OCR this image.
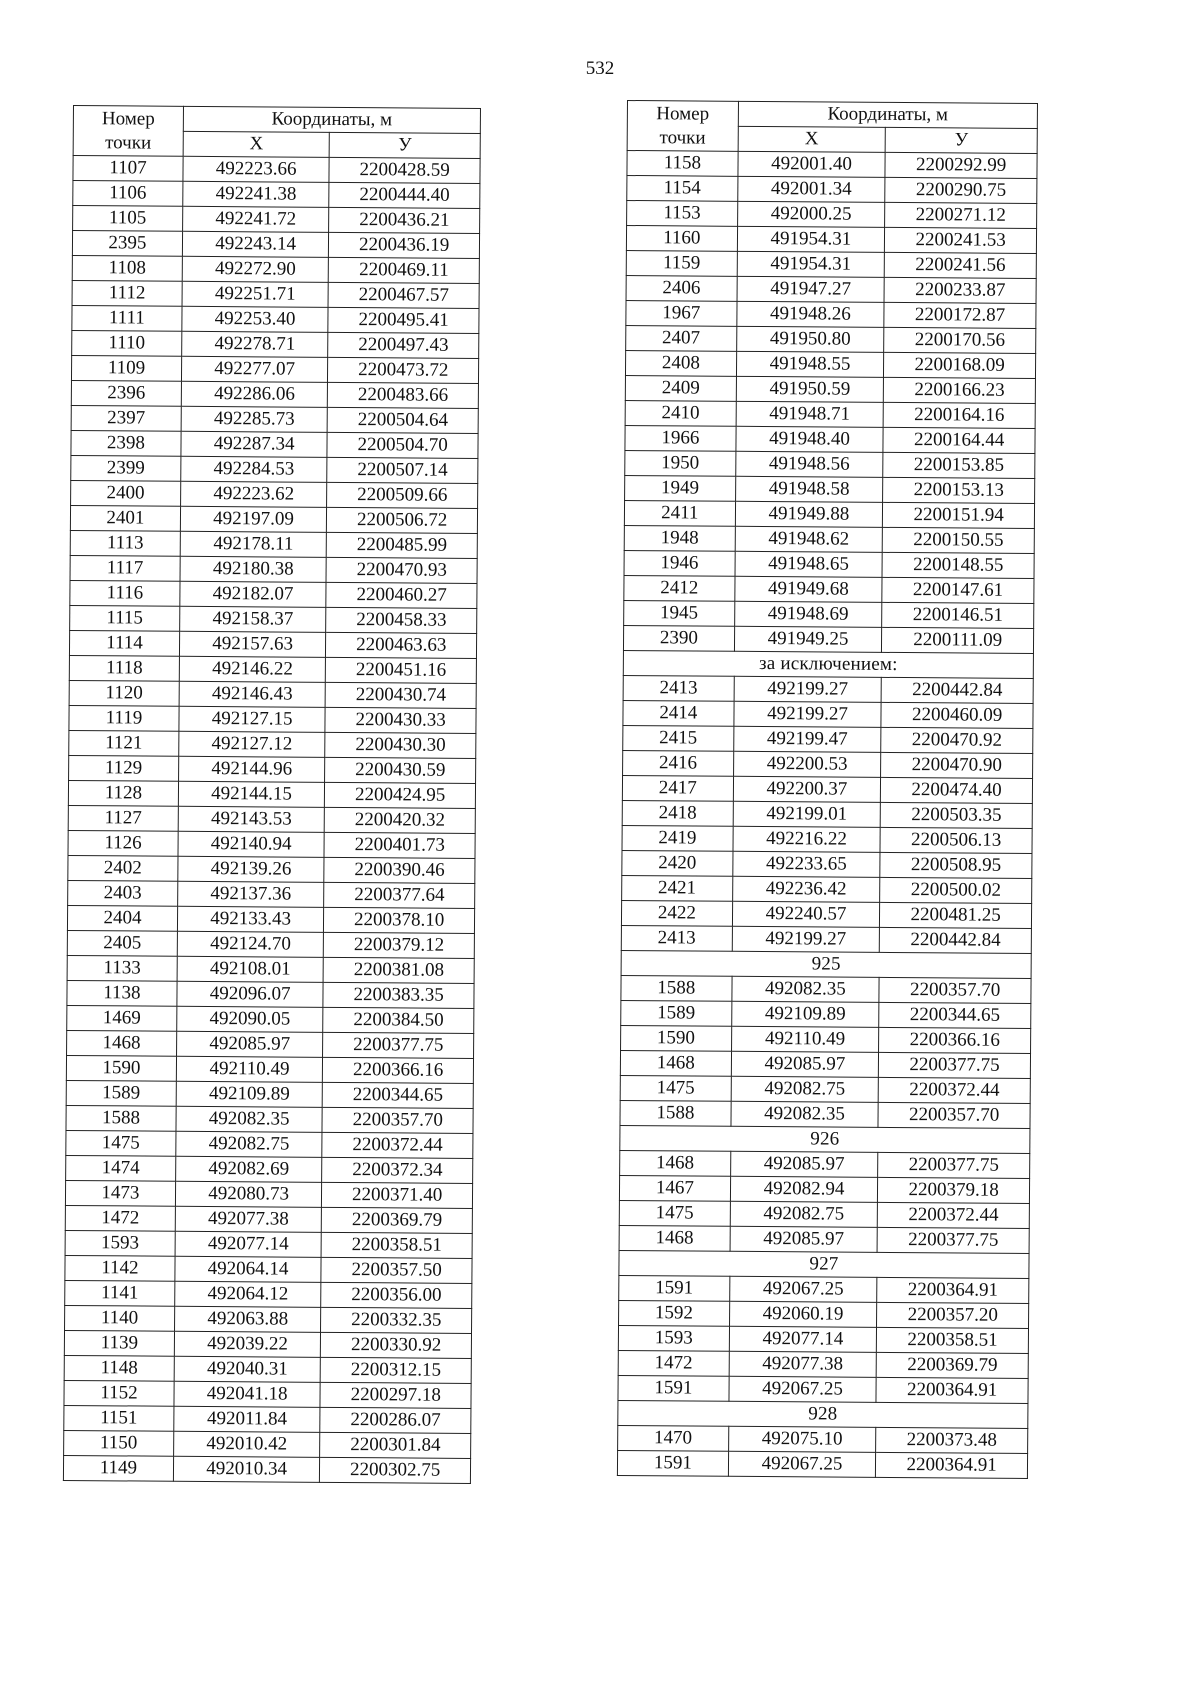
532
Номер
точки	Координаты, м	
	Х	У
1107	492223.66	2200428.59
1106	492241.38	2200444.40
1105	492241.72	2200436.21
2395	492243.14	2200436.19
1108	492272.90	2200469.11
1112	492251.71	2200467.57
1111	492253.40	2200495.41
1110	492278.71	2200497.43
1109	492277.07	2200473.72
2396	492286.06	2200483.66
2397	492285.73	2200504.64
2398	492287.34	2200504.70
2399	492284.53	2200507.14
2400	492223.62	2200509.66
2401	492197.09	2200506.72
1113	492178.11	2200485.99
1117	492180.38	2200470.93
1116	492182.07	2200460.27
1115	492158.37	2200458.33
1114	492157.63	2200463.63
1118	492146.22	2200451.16
1120	492146.43	2200430.74
1119	492127.15	2200430.33
1121	492127.12	2200430.30
1129	492144.96	2200430.59
1128	492144.15	2200424.95
1127	492143.53	2200420.32
1126	492140.94	2200401.73
2402	492139.26	2200390.46
2403	492137.36	2200377.64
2404	492133.43	2200378.10
2405	492124.70	2200379.12
1133	492108.01	2200381.08
1138	492096.07	2200383.35
1469	492090.05	2200384.50
1468	492085.97	2200377.75
1590	492110.49	2200366.16
1589	492109.89	2200344.65
1588	492082.35	2200357.70
1475	492082.75	2200372.44
1474	492082.69	2200372.34
1473	492080.73	2200371.40
1472	492077.38	2200369.79
1593	492077.14	2200358.51
1142	492064.14	2200357.50
1141	492064.12	2200356.00
1140	492063.88	2200332.35
1139	492039.22	2200330.92
1148	492040.31	2200312.15
1152	492041.18	2200297.18
1151	492011.84	2200286.07
1150	492010.42	2200301.84
1149	492010.34	2200302.75
Номер
точки	Координаты, м	
	Х	У
1158	492001.40	2200292.99
1154	492001.34	2200290.75
1153	492000.25	2200271.12
1160	491954.31	2200241.53
1159	491954.31	2200241.56
2406	491947.27	2200233.87
1967	491948.26	2200172.87
2407	491950.80	2200170.56
2408	491948.55	2200168.09
2409	491950.59	2200166.23
2410	491948.71	2200164.16
1966	491948.40	2200164.44
1950	491948.56	2200153.85
1949	491948.58	2200153.13
2411	491949.88	2200151.94
1948	491948.62	2200150.55
1946	491948.65	2200148.55
2412	491949.68	2200147.61
1945	491948.69	2200146.51
2390	491949.25	2200111.09
за исключением:		
2413	492199.27	2200442.84
2414	492199.27	2200460.09
2415	492199.47	2200470.92
2416	492200.53	2200470.90
2417	492200.37	2200474.40
2418	492199.01	2200503.35
2419	492216.22	2200506.13
2420	492233.65	2200508.95
2421	492236.42	2200500.02
2422	492240.57	2200481.25
2413	492199.27	2200442.84
925		
1588	492082.35	2200357.70
1589	492109.89	2200344.65
1590	492110.49	2200366.16
1468	492085.97	2200377.75
1475	492082.75	2200372.44
1588	492082.35	2200357.70
926		
1468	492085.97	2200377.75
1467	492082.94	2200379.18
1475	492082.75	2200372.44
1468	492085.97	2200377.75
927		
1591	492067.25	2200364.91
1592	492060.19	2200357.20
1593	492077.14	2200358.51
1472	492077.38	2200369.79
1591	492067.25	2200364.91
928		
1470	492075.10	2200373.48
1591	492067.25	2200364.91
